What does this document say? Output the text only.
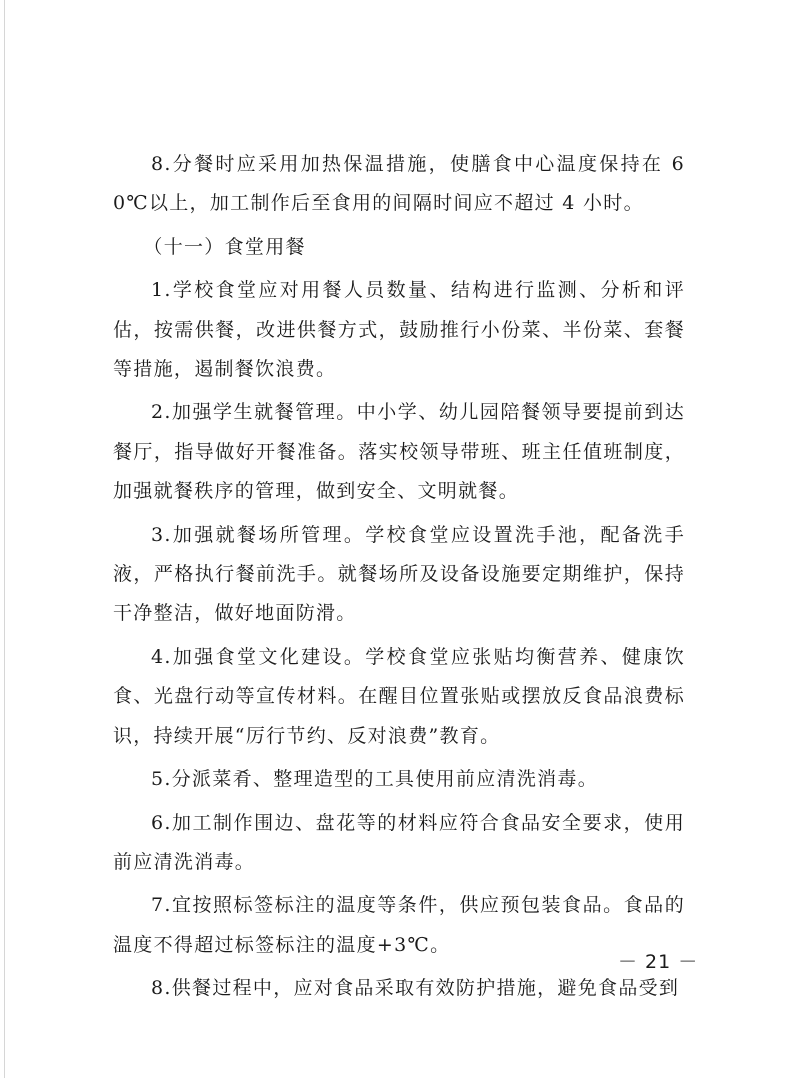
8.分餐时应采用加热保温措施，使膳食中心温度保持在 60℃以上，加工制作后至食用的间隔时间应不超过 4 小时。

（十一）食堂用餐

1.学校食堂应对用餐人员数量、结构进行监测、分析和评估，按需供餐，改进供餐方式，鼓励推行小份菜、半份菜、套餐等措施，遏制餐饮浪费。

2.加强学生就餐管理。中小学、幼儿园陪餐领导要提前到达餐厅，指导做好开餐准备。落实校领导带班、班主任值班制度，加强就餐秩序的管理，做到安全、文明就餐。

3.加强就餐场所管理。学校食堂应设置洗手池，配备洗手液，严格执行餐前洗手。就餐场所及设备设施要定期维护，保持干净整洁，做好地面防滑。

4.加强食堂文化建设。学校食堂应张贴均衡营养、健康饮食、光盘行动等宣传材料。在醒目位置张贴或摆放反食品浪费标识，持续开展“厉行节约、反对浪费”教育。

5.分派菜肴、整理造型的工具使用前应清洗消毒。

6.加工制作围边、盘花等的材料应符合食品安全要求，使用前应清洗消毒。

7.宜按照标签标注的温度等条件，供应预包装食品。食品的温度不得超过标签标注的温度+3℃。

8.供餐过程中，应对食品采取有效防护措施，避免食品受到

－ 21 －
